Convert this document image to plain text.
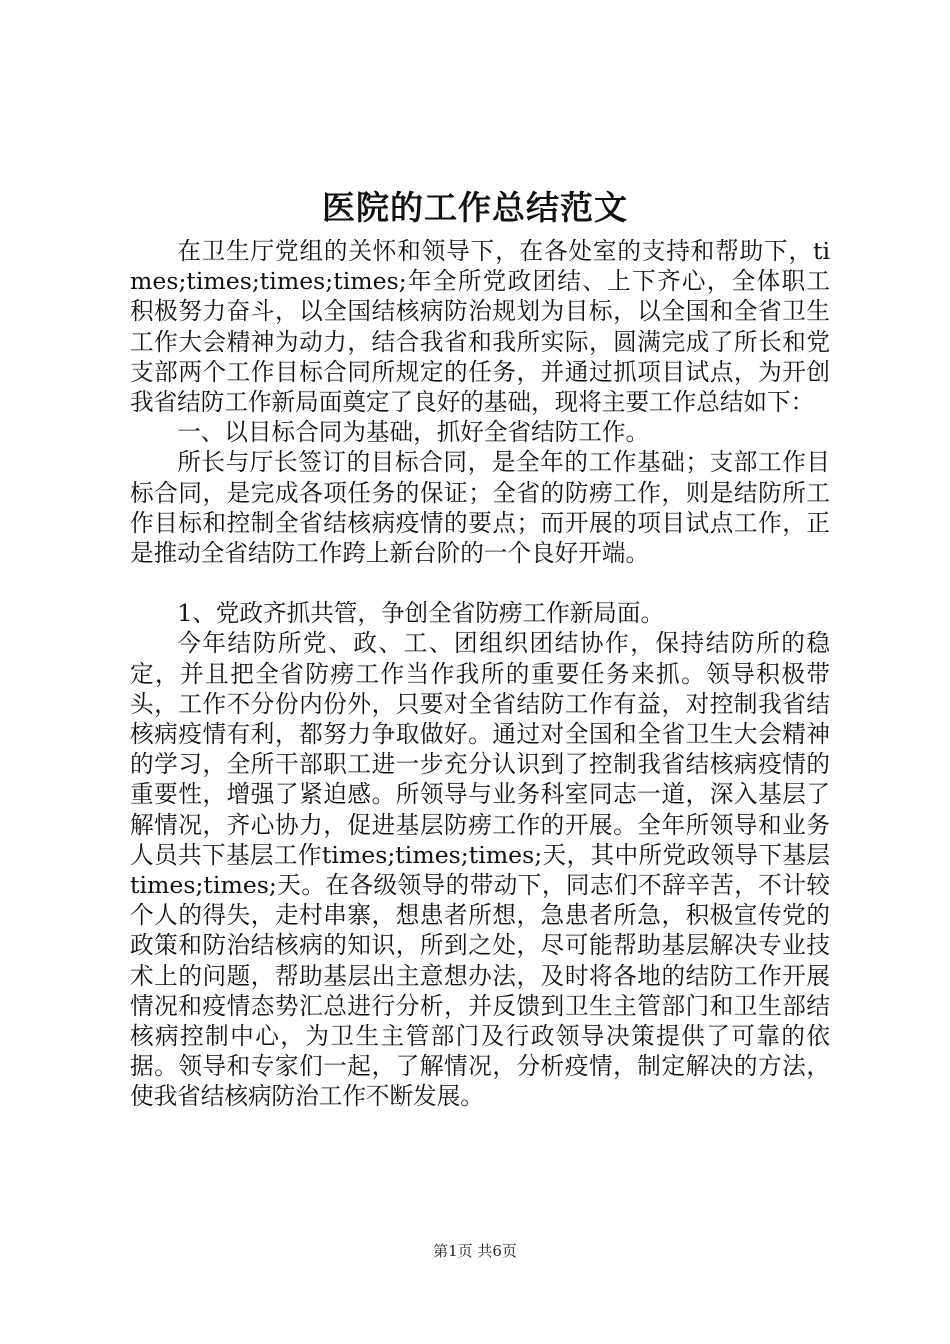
医院的工作总结范文

在卫生厅党组的关怀和领导下，在各处室的支持和帮助下，times;times;times;times;年全所党政团结、上下齐心，全体职工积极努力奋斗，以全国结核病防治规划为目标，以全国和全省卫生工作大会精神为动力，结合我省和我所实际，圆满完成了所长和党支部两个工作目标合同所规定的任务，并通过抓项目试点，为开创我省结防工作新局面奠定了良好的基础，现将主要工作总结如下：

一、以目标合同为基础，抓好全省结防工作。

所长与厅长签订的目标合同，是全年的工作基础；支部工作目标合同，是完成各项任务的保证；全省的防痨工作，则是结防所工作目标和控制全省结核病疫情的要点；而开展的项目试点工作，正是推动全省结防工作跨上新台阶的一个良好开端。

1、党政齐抓共管，争创全省防痨工作新局面。

今年结防所党、政、工、团组织团结协作，保持结防所的稳定，并且把全省防痨工作当作我所的重要任务来抓。领导积极带头，工作不分份内份外，只要对全省结防工作有益，对控制我省结核病疫情有利，都努力争取做好。通过对全国和全省卫生大会精神的学习，全所干部职工进一步充分认识到了控制我省结核病疫情的重要性，增强了紧迫感。所领导与业务科室同志一道，深入基层了解情况，齐心协力，促进基层防痨工作的开展。全年所领导和业务人员共下基层工作times;times;times;天，其中所党政领导下基层times;times;天。在各级领导的带动下，同志们不辞辛苦，不计较个人的得失，走村串寨，想患者所想，急患者所急，积极宣传党的政策和防治结核病的知识，所到之处，尽可能帮助基层解决专业技术上的问题，帮助基层出主意想办法，及时将各地的结防工作开展情况和疫情态势汇总进行分析，并反馈到卫生主管部门和卫生部结核病控制中心，为卫生主管部门及行政领导决策提供了可靠的依据。领导和专家们一起，了解情况，分析疫情，制定解决的方法，使我省结核病防治工作不断发展。

第1页 共6页
